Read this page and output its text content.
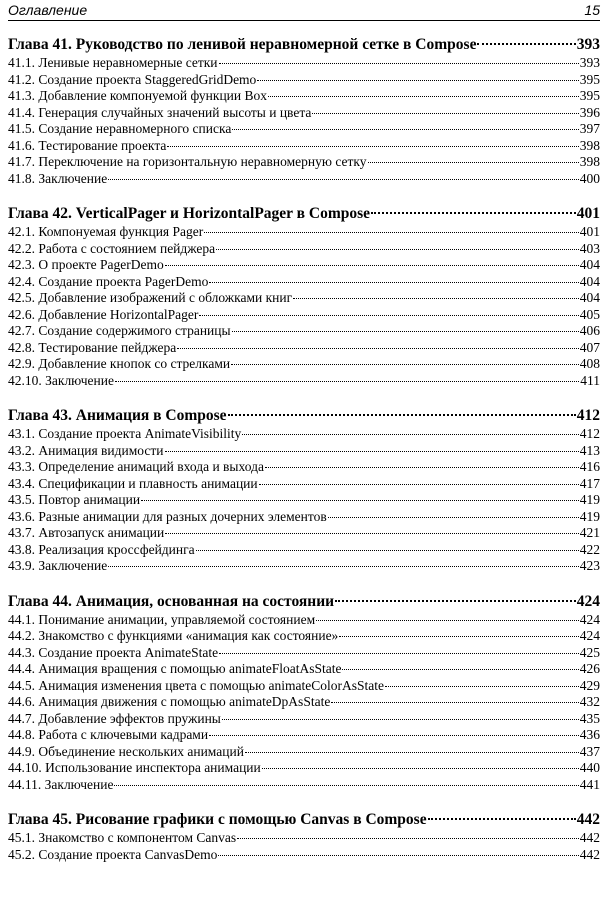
Оглавление	15
Глава 41. Руководство по ленивой неравномерной сетке в Compose	393
41.1. Ленивые неравномерные сетки	393
41.2. Создание проекта StaggeredGridDemo	395
41.3. Добавление компонуемой функции Box	395
41.4. Генерация случайных значений высоты и цвета	396
41.5. Создание неравномерного списка	397
41.6. Тестирование проекта	398
41.7. Переключение на горизонтальную неравномерную сетку	398
41.8. Заключение	400
Глава 42. VerticalPager и HorizontalPager в Compose	401
42.1. Компонуемая функция Pager	401
42.2. Работа с состоянием пейджера	403
42.3. О проекте PagerDemo	404
42.4. Создание проекта PagerDemo	404
42.5. Добавление изображений с обложками книг	404
42.6. Добавление HorizontalPager	405
42.7. Создание содержимого страницы	406
42.8. Тестирование пейджера	407
42.9. Добавление кнопок со стрелками	408
42.10. Заключение	411
Глава 43. Анимация в Compose	412
43.1. Создание проекта AnimateVisibility	412
43.2. Анимация видимости	413
43.3. Определение анимаций входа и выхода	416
43.4. Спецификации и плавность анимации	417
43.5. Повтор анимации	419
43.6. Разные анимации для разных дочерних элементов	419
43.7. Автозапуск анимации	421
43.8. Реализация кроссфейдинга	422
43.9. Заключение	423
Глава 44. Анимация, основанная на состоянии	424
44.1. Понимание анимации, управляемой состоянием	424
44.2. Знакомство с функциями «анимация как состояние»	424
44.3. Создание проекта AnimateState	425
44.4. Анимация вращения с помощью animateFloatAsState	426
44.5. Анимация изменения цвета с помощью animateColorAsState	429
44.6. Анимация движения с помощью animateDpAsState	432
44.7. Добавление эффектов пружины	435
44.8. Работа с ключевыми кадрами	436
44.9. Объединение нескольких анимаций	437
44.10. Использование инспектора анимации	440
44.11. Заключение	441
Глава 45. Рисование графики с помощью Canvas в Compose	442
45.1. Знакомство с компонентом Canvas	442
45.2. Создание проекта CanvasDemo	442
